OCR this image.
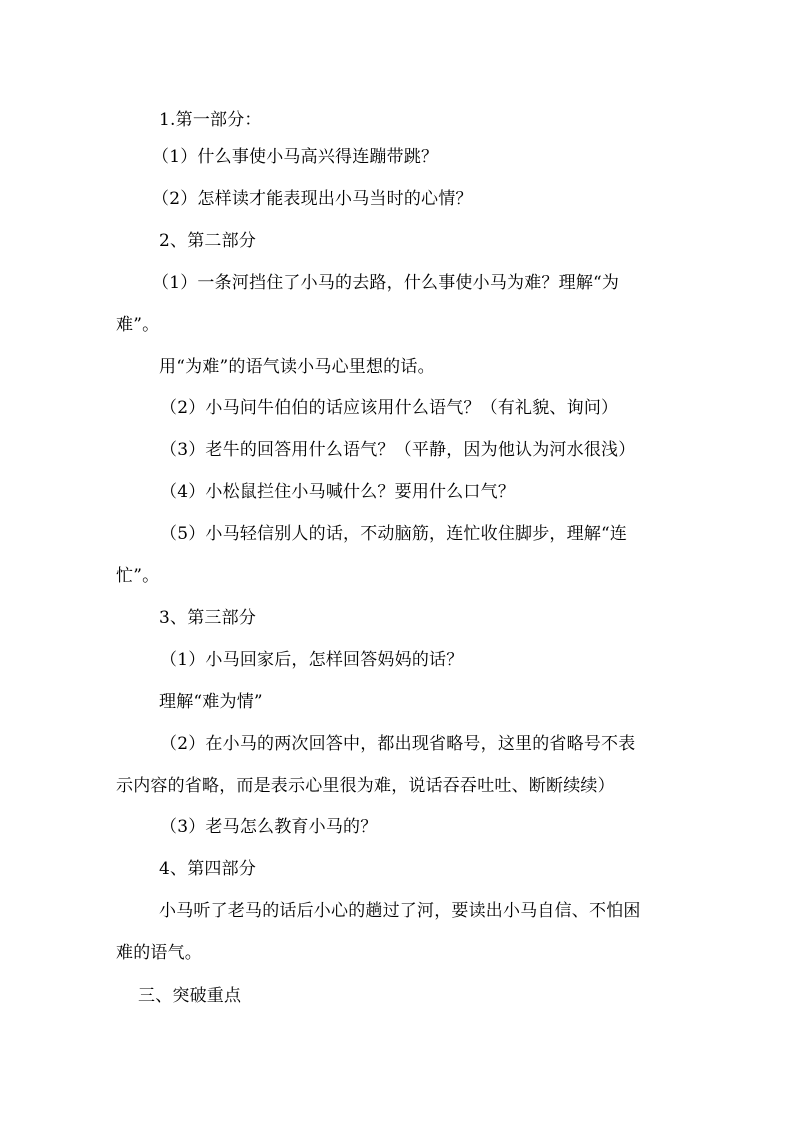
1.第一部分：
（1）什么事使小马高兴得连蹦带跳？
（2）怎样读才能表现出小马当时的心情？
2、第二部分
（1）一条河挡住了小马的去路，什么事使小马为难？理解“为
难”。
用“为难”的语气读小马心里想的话。
（2）小马问牛伯伯的话应该用什么语气？（有礼貌、询问）
（3）老牛的回答用什么语气？（平静，因为他认为河水很浅）
（4）小松鼠拦住小马喊什么？要用什么口气？
（5）小马轻信别人的话，不动脑筋，连忙收住脚步，理解“连
忙”。
3、第三部分
（1）小马回家后，怎样回答妈妈的话？
理解“难为情”
（2）在小马的两次回答中，都出现省略号，这里的省略号不表
示内容的省略，而是表示心里很为难，说话吞吞吐吐、断断续续）
（3）老马怎么教育小马的？
4、第四部分
小马听了老马的话后小心的趟过了河，要读出小马自信、不怕困
难的语气。
三、突破重点
